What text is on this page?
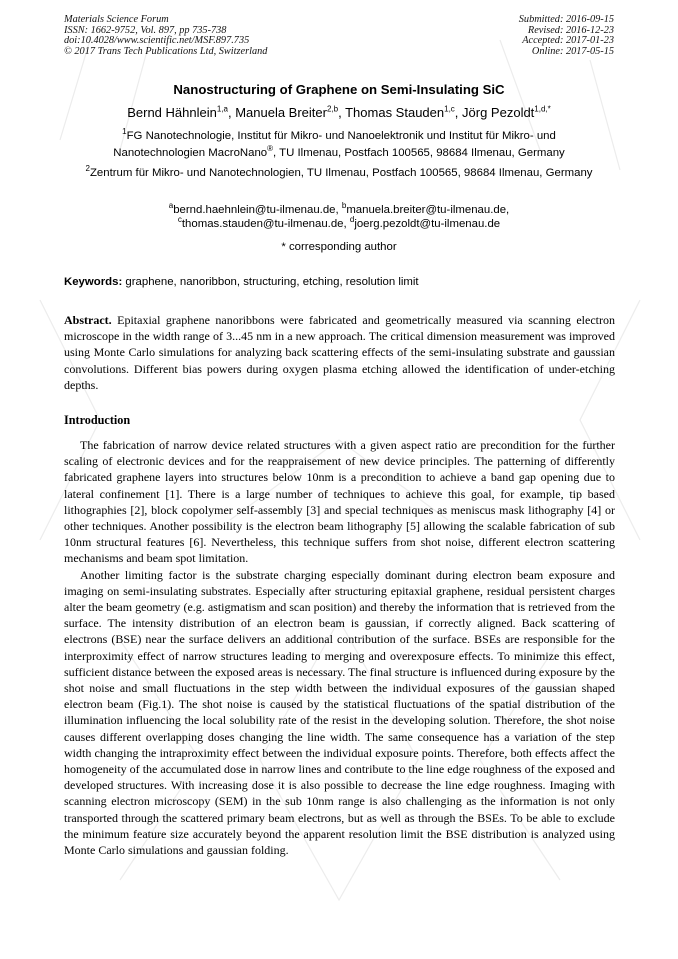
Materials Science Forum
ISSN: 1662-9752, Vol. 897, pp 735-738
doi:10.4028/www.scientific.net/MSF.897.735
© 2017 Trans Tech Publications Ltd, Switzerland
Submitted: 2016-09-15
Revised: 2016-12-23
Accepted: 2017-01-23
Online: 2017-05-15
Nanostructuring of Graphene on Semi-Insulating SiC
Bernd Hähnlein$^{1,a}$, Manuela Breiter$^{2,b}$, Thomas Stauden$^{1,c}$, Jörg Pezoldt$^{1,d,*}$
$^1$FG Nanotechnologie, Institut für Mikro- und Nanoelektronik und Institut für Mikro- und Nanotechnologien MacroNano®, TU Ilmenau, Postfach 100565, 98684 Ilmenau, Germany
$^2$Zentrum für Mikro- und Nanotechnologien, TU Ilmenau, Postfach 100565, 98684 Ilmenau, Germany
$^a$bernd.haehnlein@tu-ilmenau.de, $^b$manuela.breiter@tu-ilmenau.de,
$^c$thomas.stauden@tu-ilmenau.de, $^d$joerg.pezoldt@tu-ilmenau.de
* corresponding author
Keywords: graphene, nanoribbon, structuring, etching, resolution limit
Abstract. Epitaxial graphene nanoribbons were fabricated and geometrically measured via scanning electron microscope in the width range of 3...45 nm in a new approach. The critical dimension measurement was improved using Monte Carlo simulations for analyzing back scattering effects of the semi-insulating substrate and gaussian convolutions. Different bias powers during oxygen plasma etching allowed the identification of under-etching depths.
Introduction

The fabrication of narrow device related structures with a given aspect ratio are precondition for the further scaling of electronic devices and for the reappraisement of new device principles. The patterning of differently fabricated graphene layers into structures below 10nm is a precondition to achieve a band gap opening due to lateral confinement [1]. There is a large number of techniques to achieve this goal, for example, tip based lithographies [2], block copolymer self-assembly [3] and special techniques as meniscus mask lithography [4] or other techniques. Another possibility is the electron beam lithography [5] allowing the scalable fabrication of sub 10nm structural features [6]. Nevertheless, this technique suffers from shot noise, different electron scattering mechanisms and beam spot limitation.

Another limiting factor is the substrate charging especially dominant during electron beam exposure and imaging on semi-insulating substrates. Especially after structuring epitaxial graphene, residual persistent charges alter the beam geometry (e.g. astigmatism and scan position) and thereby the information that is retrieved from the surface. The intensity distribution of an electron beam is gaussian, if correctly aligned. Back scattering of electrons (BSE) near the surface delivers an additional contribution of the surface. BSEs are responsible for the interproximity effect of narrow structures leading to merging and overexposure effects. To minimize this effect, sufficient distance between the exposed areas is necessary. The final structure is influenced during exposure by the shot noise and small fluctuations in the step width between the individual exposures of the gaussian shaped electron beam (Fig.1). The shot noise is caused by the statistical fluctuations of the spatial distribution of the illumination influencing the local solubility rate of the resist in the developing solution. Therefore, the shot noise causes different overlapping doses changing the line width. The same consequence has a variation of the step width changing the intraproximity effect between the individual exposure points. Therefore, both effects affect the homogeneity of the accumulated dose in narrow lines and contribute to the line edge roughness of the exposed and developed structures. With increasing dose it is also possible to decrease the line edge roughness. Imaging with scanning electron microscopy (SEM) in the sub 10nm range is also challenging as the information is not only transported through the scattered primary beam electrons, but as well as through the BSEs. To be able to exclude the minimum feature size accurately beyond the apparent resolution limit the BSE distribution is analyzed using Monte Carlo simulations and gaussian folding.
